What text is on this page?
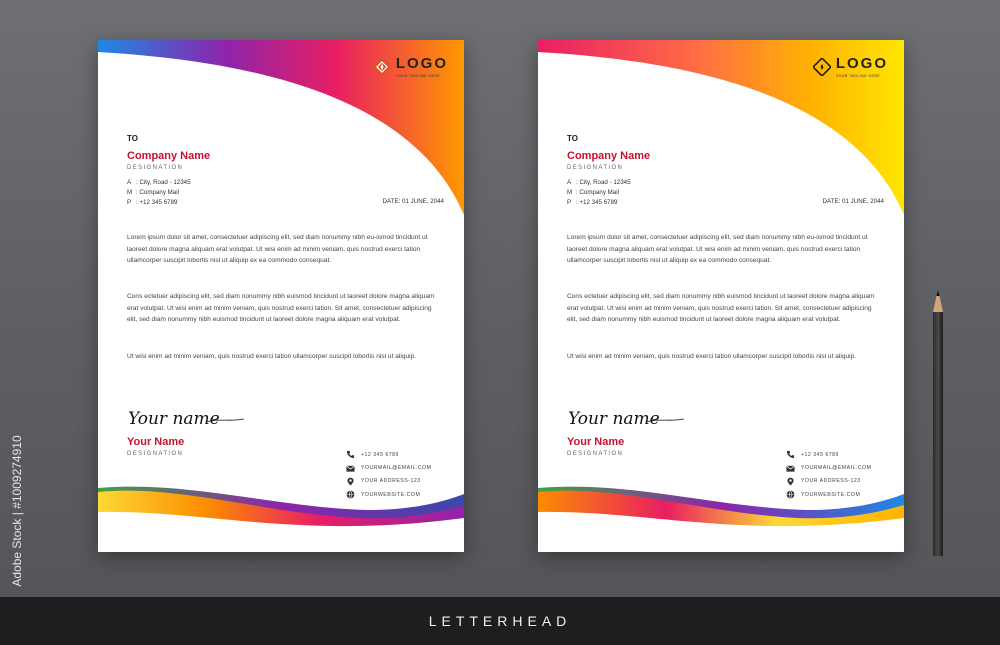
LOGO
YOUR TAGLINE HERE
TO
Company Name
DESIGNATION
A : City, Road - 12345
M : Company Mail
P : +12 345 6789	DATE: 01 JUNE, 2044

Lorem ipsum dolor sit amet, consectetuer adipiscing elit, sed diam nonummy nibh eu-ismod tincidunt ut laoreet dolore magna aliquam erat volutpat. Ut wisi enim ad minim veniam, quis nostrud exerci tation ullamcorper suscipit lobortis nisl ut aliquip ex ea commodo consequat.

Cons ectetuer adipiscing elit, sed diam nonummy nibh euismod tincidunt ut laoreet dolore magna aliquam erat volutpat. Ut wisi enim ad minim veniam, quis nostrud exerci tation. Sit amet, consectetuer adipiscing elit, sed diam nonummy nibh euismod tincidunt ut laoreet dolore magna aliquam erat volutpat.

Ut wisi enim ad minim veniam, quis nostrud exerci tation ullamcorper suscipit lobortis nisl ut aliquip.

Your name
Your Name
DESIGNATION	+12 345 6789
YOURMAIL@EMAIL.COM
YOUR ADDRESS-123
YOURWEBSITE.COM
LOGO
YOUR TAGLINE HERE
TO
Company Name
DESIGNATION
A : City, Road - 12345
M : Company Mail
P : +12 345 6789	DATE: 01 JUNE, 2044

Lorem ipsum dolor sit amet, consectetuer adipiscing elit, sed diam nonummy nibh eu-ismod tincidunt ut laoreet dolore magna aliquam erat volutpat. Ut wisi enim ad minim veniam, quis nostrud exerci tation ullamcorper suscipit lobortis nisl ut aliquip ex ea commodo consequat.

Cons ectetuer adipiscing elit, sed diam nonummy nibh euismod tincidunt ut laoreet dolore magna aliquam erat volutpat. Ut wisi enim ad minim veniam, quis nostrud exerci tation. Sit amet, consectetuer adipiscing elit, sed diam nonummy nibh euismod tincidunt ut laoreet dolore magna aliquam erat volutpat.

Ut wisi enim ad minim veniam, quis nostrud exerci tation ullamcorper suscipit lobortis nisl ut aliquip.

Your name
Your Name
DESIGNATION	+12 345 6789
YOURMAIL@EMAIL.COM
YOUR ADDRESS-123
YOURWEBSITE.COM
Adobe Stock | #1009274910
LETTERHEAD
